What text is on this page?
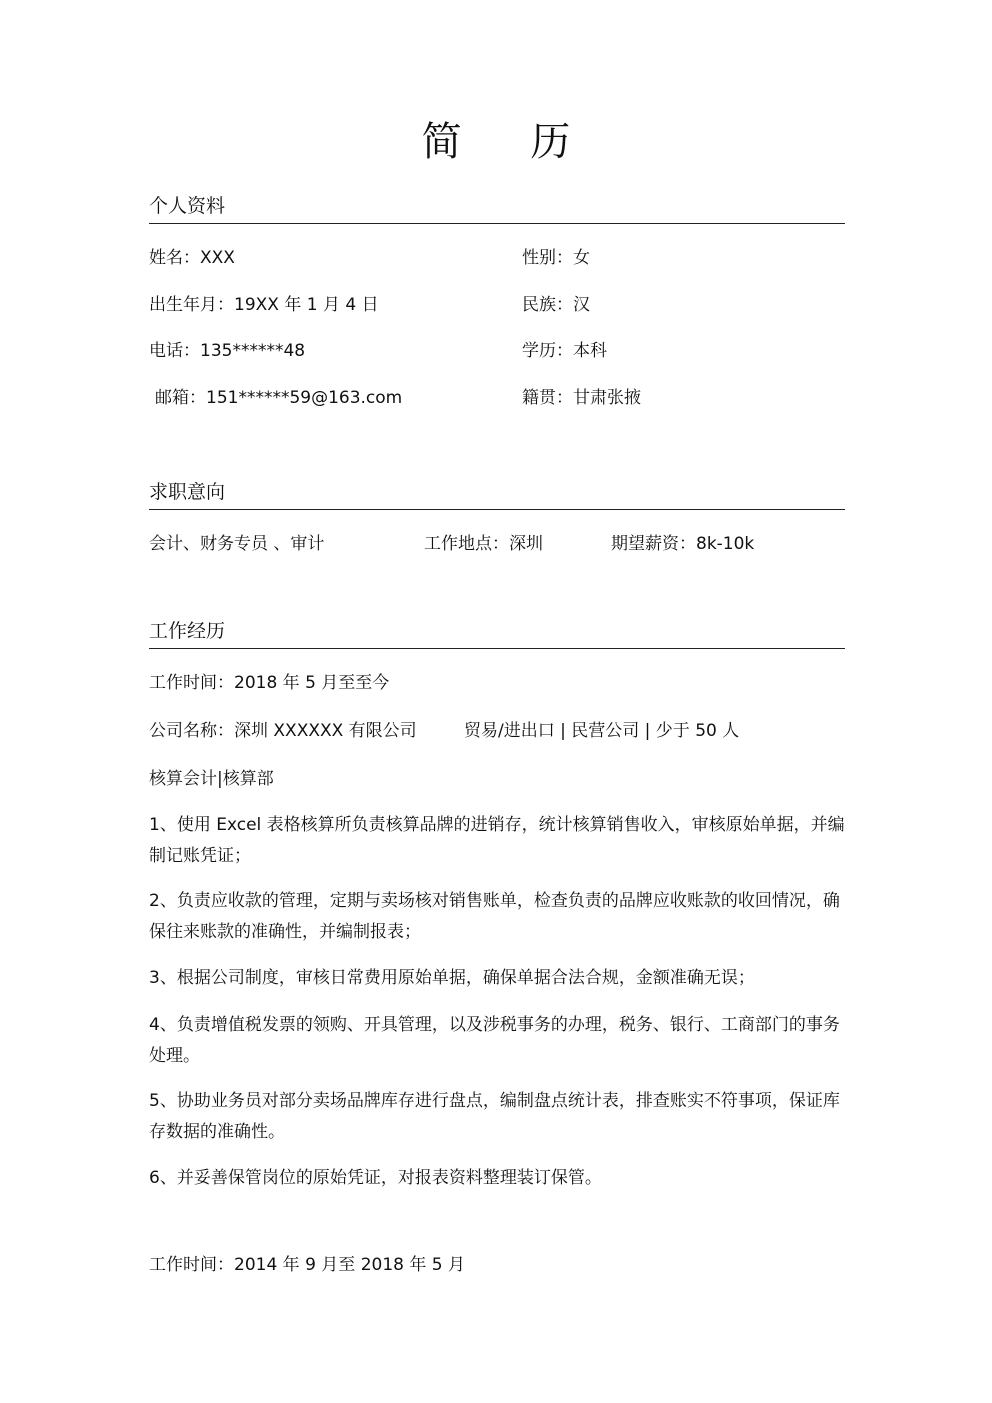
简 历
个人资料
姓名：XXX	性别：女
出生年月：19XX 年 1 月 4 日	民族：汉
电话：135******48	学历：本科
邮箱：151******59@163.com	籍贯：甘肃张掖
求职意向
会计、财务专员 、审计	工作地点：深圳	期望薪资：8k-10k
工作经历
工作时间：2018 年 5 月至至今
公司名称：深圳 XXXXXX 有限公司	贸易/进出口 | 民营公司 | 少于 50 人
核算会计|核算部
1、使用 Excel 表格核算所负责核算品牌的进销存，统计核算销售收入，审核原始单据，并编制记账凭证；
2、负责应收款的管理，定期与卖场核对销售账单，检查负责的品牌应收账款的收回情况，确保往来账款的准确性，并编制报表；
3、根据公司制度，审核日常费用原始单据，确保单据合法合规，金额准确无误；
4、负责增值税发票的领购、开具管理，以及涉税事务的办理，税务、银行、工商部门的事务处理。
5、协助业务员对部分卖场品牌库存进行盘点，编制盘点统计表，排查账实不符事项，保证库存数据的准确性。
6、并妥善保管岗位的原始凭证，对报表资料整理装订保管。
工作时间：2014 年 9 月至 2018 年 5 月
